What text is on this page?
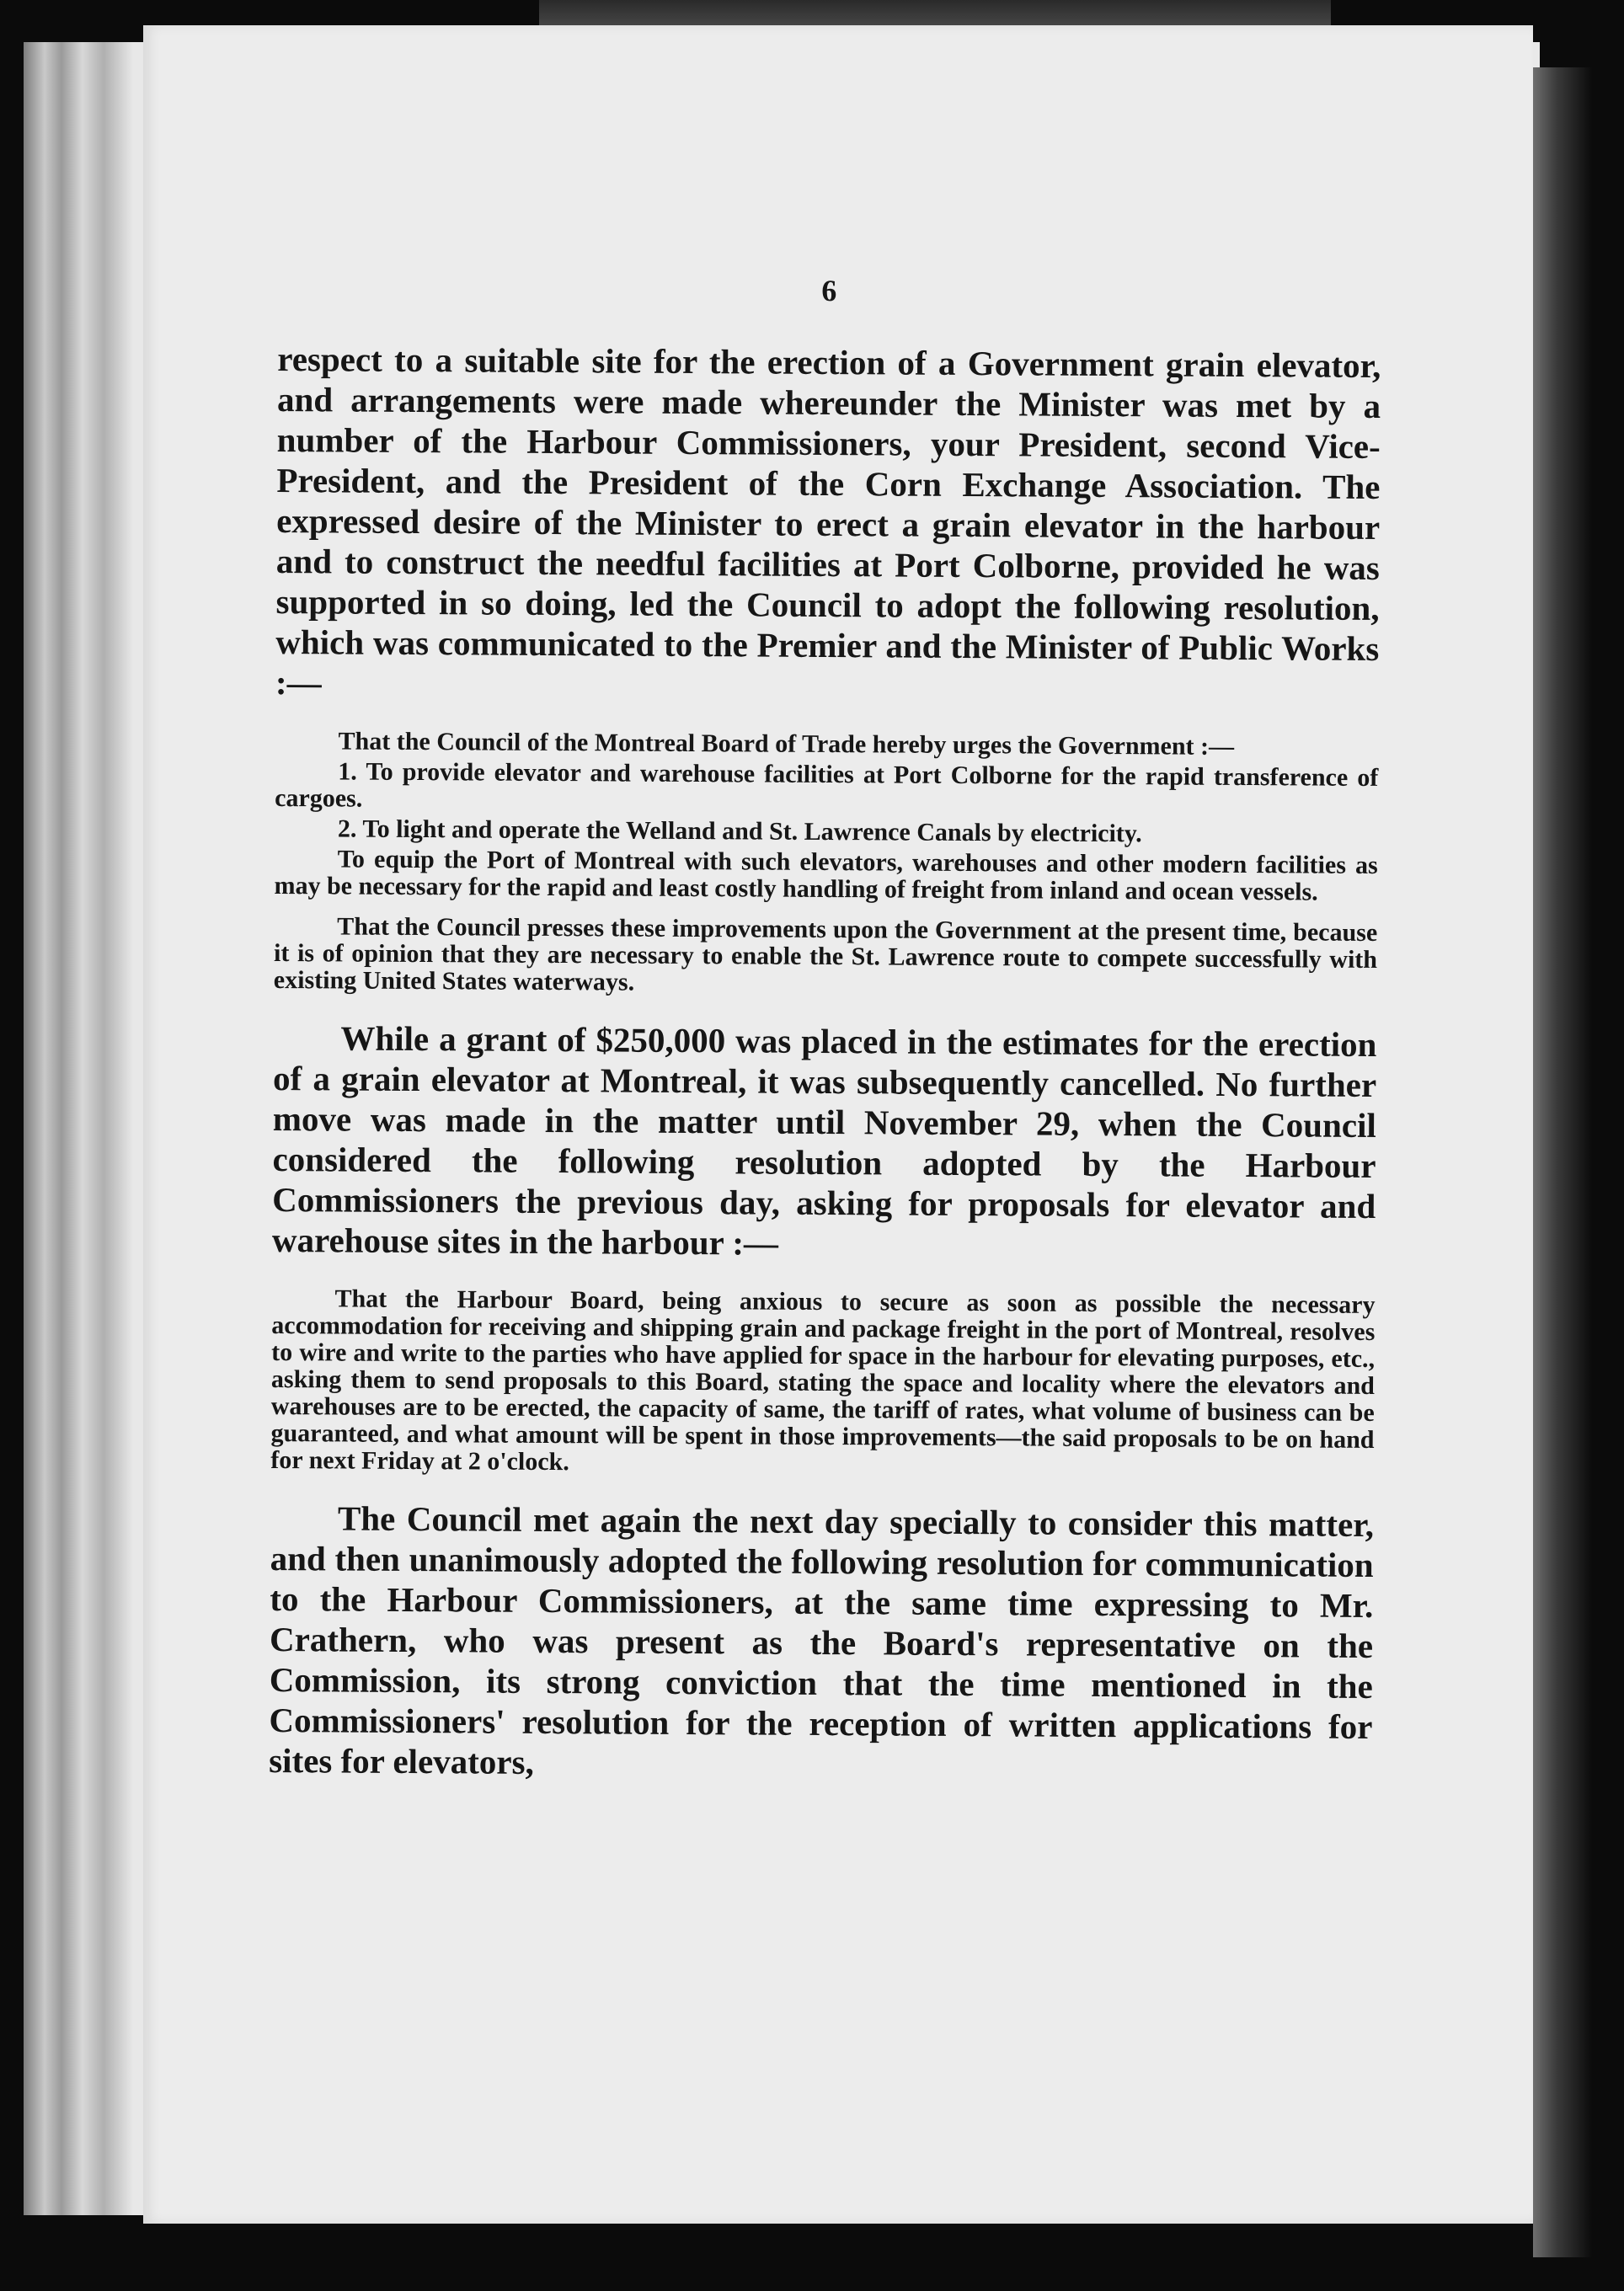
6

respect to a suitable site for the erection of a Government grain elevator, and arrangements were made whereunder the Minister was met by a number of the Harbour Commissioners, your President, second Vice-President, and the President of the Corn Exchange Association. The expressed desire of the Minister to erect a grain elevator in the harbour and to construct the needful facilities at Port Colborne, provided he was supported in so doing, led the Council to adopt the following resolution, which was communicated to the Premier and the Minister of Public Works :—

That the Council of the Montreal Board of Trade hereby urges the Government :—

1. To provide elevator and warehouse facilities at Port Colborne for the rapid transference of cargoes.

2. To light and operate the Welland and St. Lawrence Canals by electricity.

To equip the Port of Montreal with such elevators, warehouses and other modern facilities as may be necessary for the rapid and least costly handling of freight from inland and ocean vessels.

That the Council presses these improvements upon the Government at the present time, because it is of opinion that they are necessary to enable the St. Lawrence route to compete successfully with existing United States waterways.

While a grant of $250,000 was placed in the estimates for the erection of a grain elevator at Montreal, it was subsequently cancelled. No further move was made in the matter until November 29, when the Council considered the following resolution adopted by the Harbour Commissioners the previous day, asking for proposals for elevator and warehouse sites in the harbour :—

That the Harbour Board, being anxious to secure as soon as possible the necessary accommodation for receiving and shipping grain and package freight in the port of Montreal, resolves to wire and write to the parties who have applied for space in the harbour for elevating purposes, etc., asking them to send proposals to this Board, stating the space and locality where the elevators and warehouses are to be erected, the capacity of same, the tariff of rates, what volume of business can be guaranteed, and what amount will be spent in those improvements—the said proposals to be on hand for next Friday at 2 o'clock.

The Council met again the next day specially to consider this matter, and then unanimously adopted the following resolution for communication to the Harbour Commissioners, at the same time expressing to Mr. Crathern, who was present as the Board's representative on the Commission, its strong conviction that the time mentioned in the Commissioners' resolution for the reception of written applications for sites for elevators,
